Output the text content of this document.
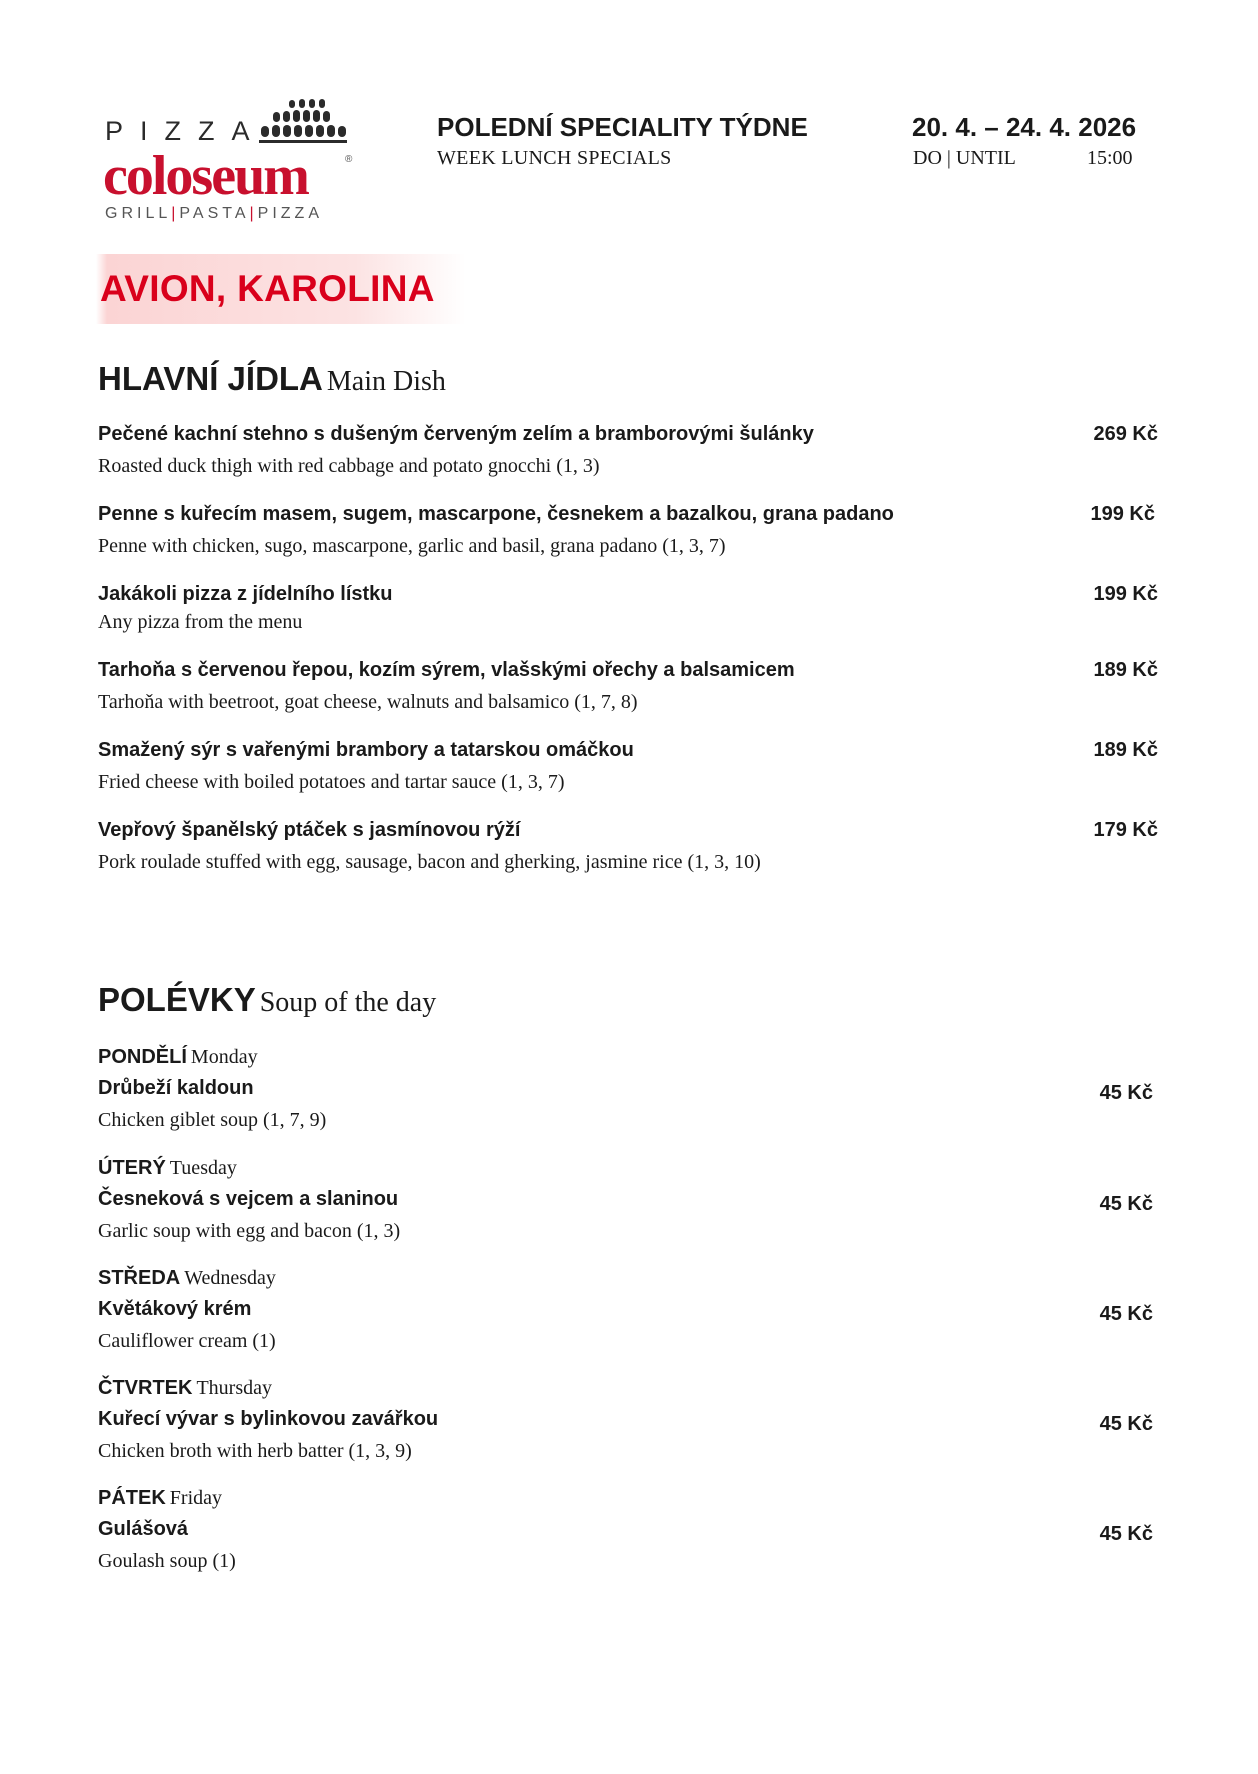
PIZZA
coloseum	®
GRILL|PASTA|PIZZA
POLEDNÍ SPECIALITY TÝDNE
WEEK LUNCH SPECIALS
20. 4. – 24. 4. 2026
DO | UNTIL	15:00
AVION, KAROLINA
HLAVNÍ JÍDLA Main Dish
Pečené kachní stehno s dušeným červeným zelím a bramborovými šulánky
Roasted duck thigh with red cabbage and potato gnocchi (1, 3)
269 Kč
Penne s kuřecím masem, sugem, mascarpone, česnekem a bazalkou, grana padano
Penne with chicken, sugo, mascarpone, garlic and basil, grana padano (1, 3, 7)
199 Kč
Jakákoli pizza z jídelního lístku
Any pizza from the menu
199 Kč
Tarhoňa s červenou řepou, kozím sýrem, vlašskými ořechy a balsamicem
Tarhoňa with beetroot, goat cheese, walnuts and balsamico (1, 7, 8)
189 Kč
Smažený sýr s vařenými brambory a tatarskou omáčkou
Fried cheese with boiled potatoes and tartar sauce (1, 3, 7)
189 Kč
Vepřový španělský ptáček s jasmínovou rýží
Pork roulade stuffed with egg, sausage, bacon and gherking, jasmine rice (1, 3, 10)
179 Kč
POLÉVKY Soup of the day
PONDĚLÍ Monday
Drůbeží kaldoun
Chicken giblet soup (1, 7, 9)
45 Kč
ÚTERÝ Tuesday
Česneková s vejcem a slaninou
Garlic soup with egg and bacon (1, 3)
45 Kč
STŘEDA Wednesday
Květákový krém
Cauliflower cream (1)
45 Kč
ČTVRTEK Thursday
Kuřecí vývar s bylinkovou zavářkou
Chicken broth with herb batter (1, 3, 9)
45 Kč
PÁTEK Friday
Gulášová
Goulash soup (1)
45 Kč
